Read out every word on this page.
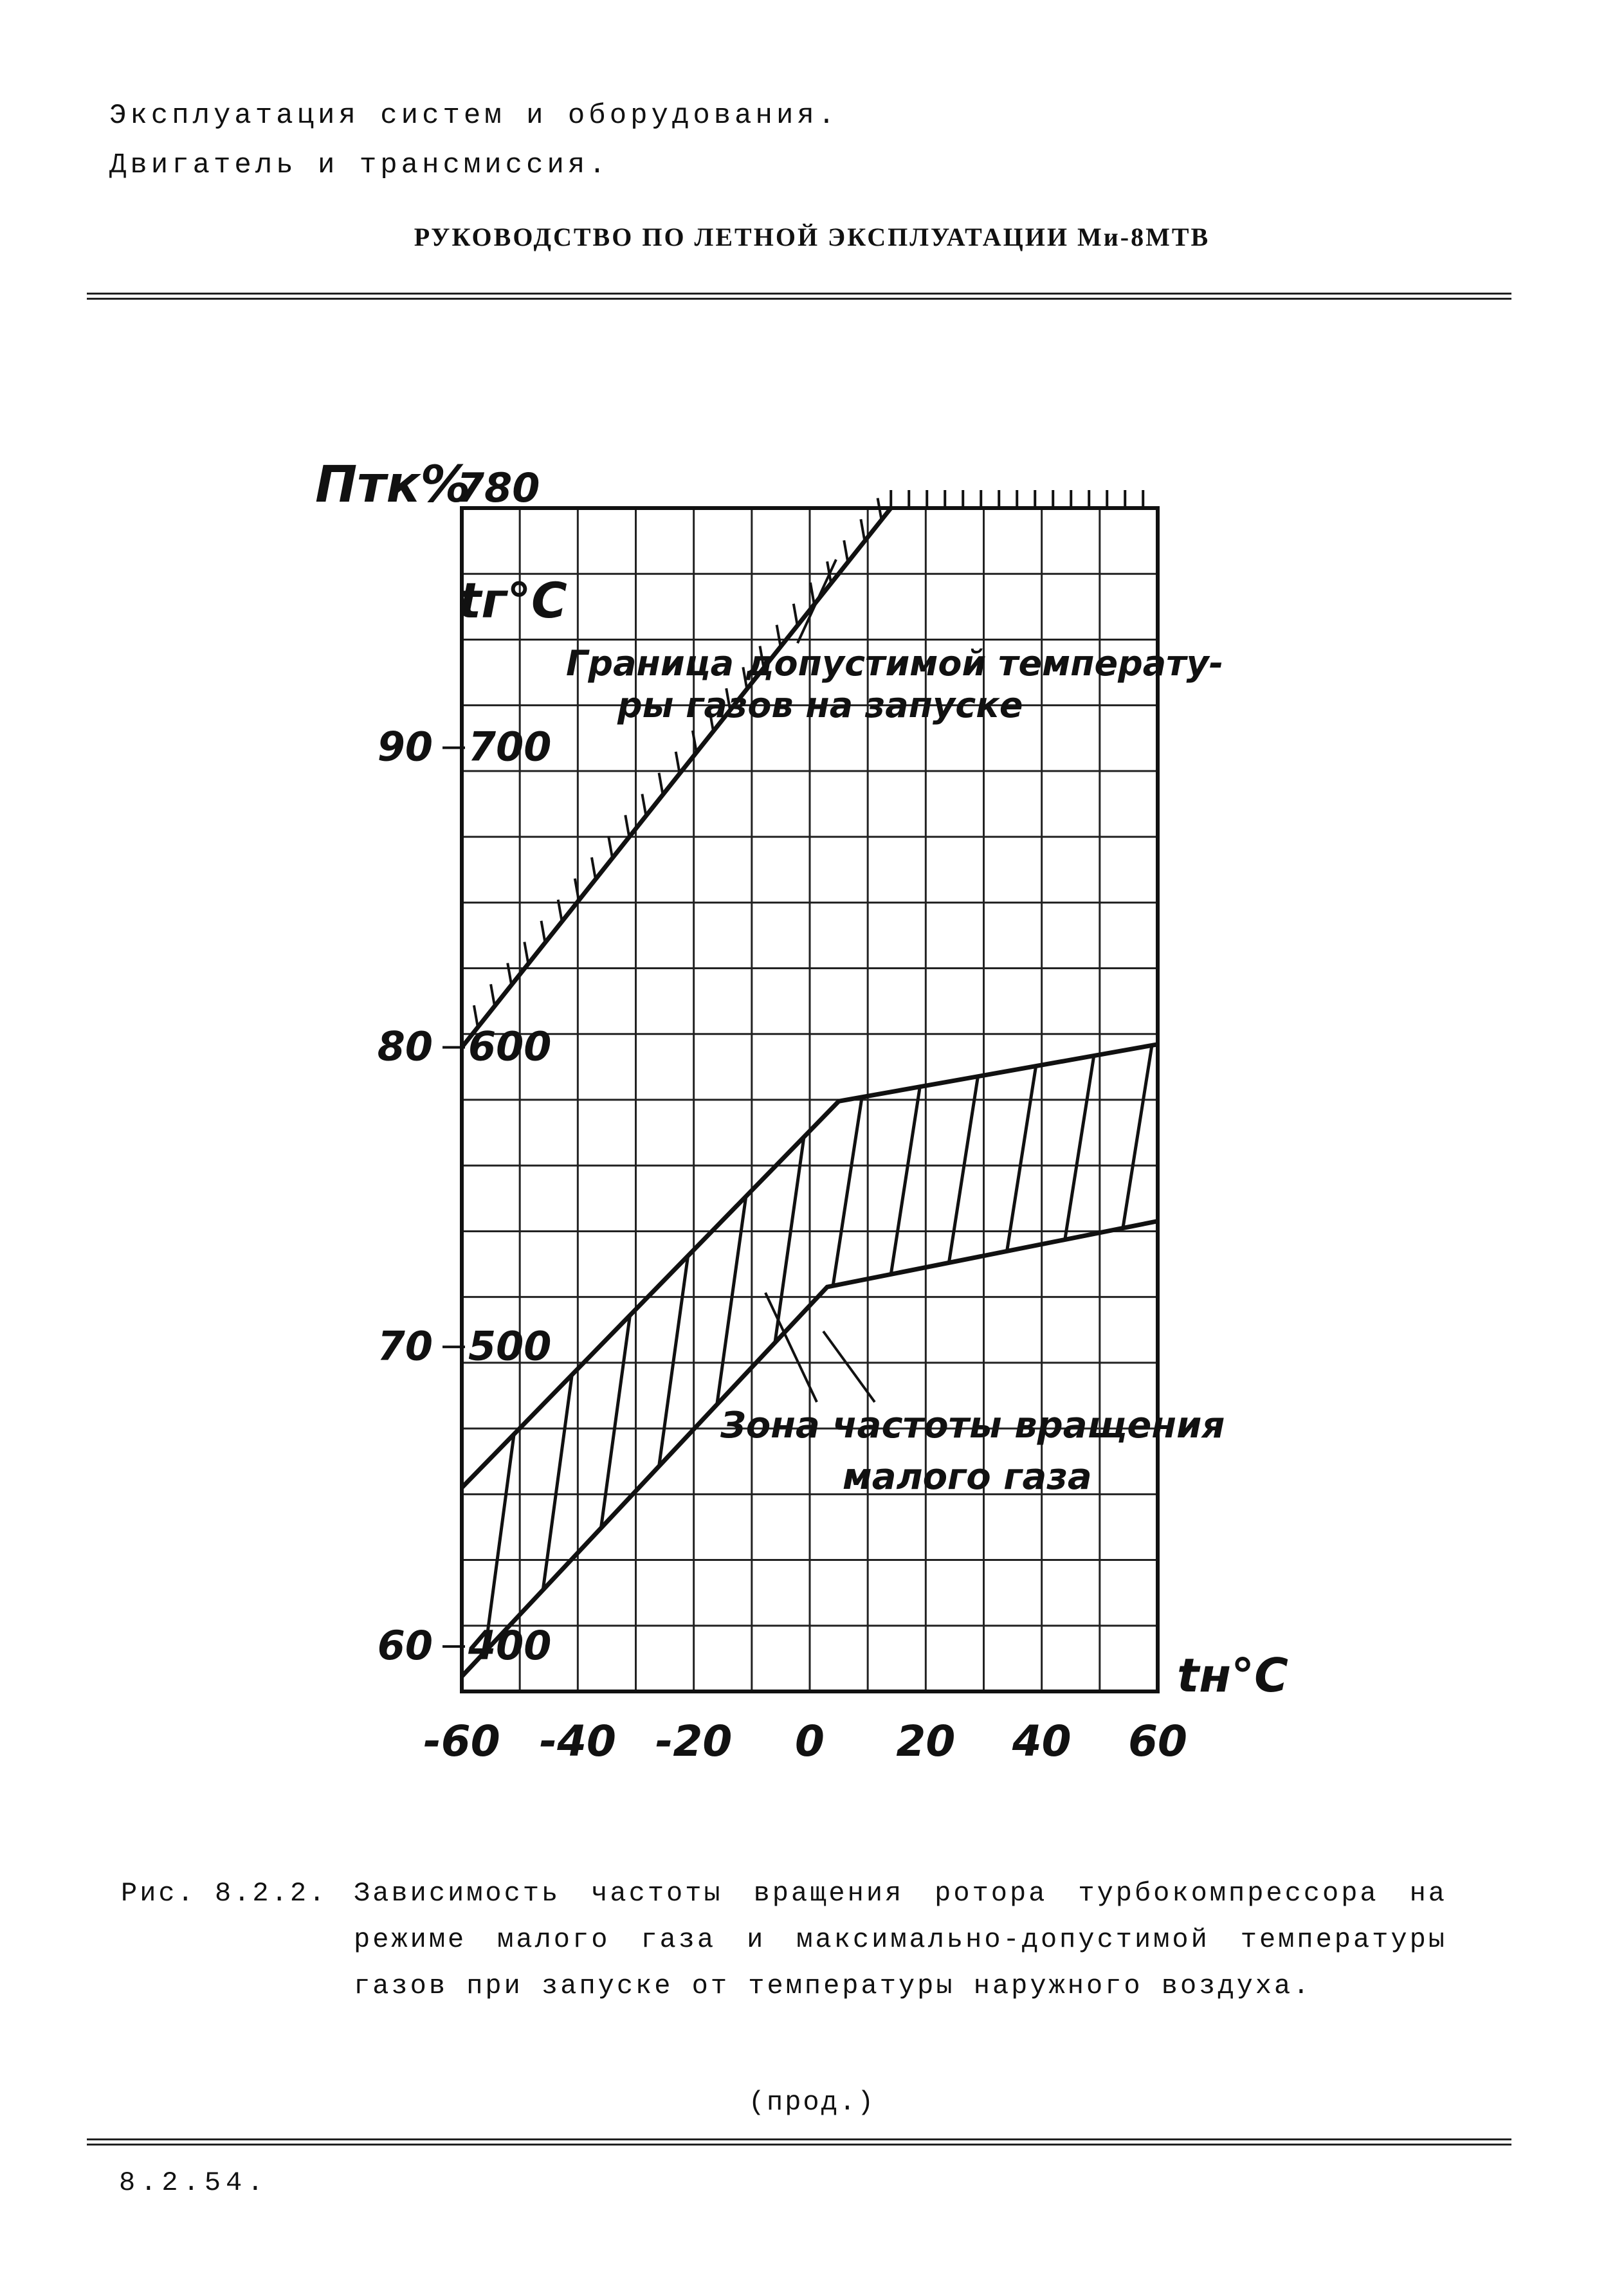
Эксплуатация систем и оборудования.
Двигатель и трансмиссия.
РУКОВОДСТВО ПО ЛЕТНОЙ ЭКСПЛУАТАЦИИ Ми-8МТВ
-60 -40 -20 0 20 40 60
400
500
600
700
60
70
80
90
Птк%
780
tг°C
tн°C
Граница допустимой температу-
ры газов на запуске
Зона частоты вращения
малого газа
Рис. 8.2.2. Зависимость частоты вращения ротора турбокомпрессора на
режиме малого газа и максимально-допустимой температуры
газов при запуске от температуры наружного воздуха.
(прод.)
8.2.54.
